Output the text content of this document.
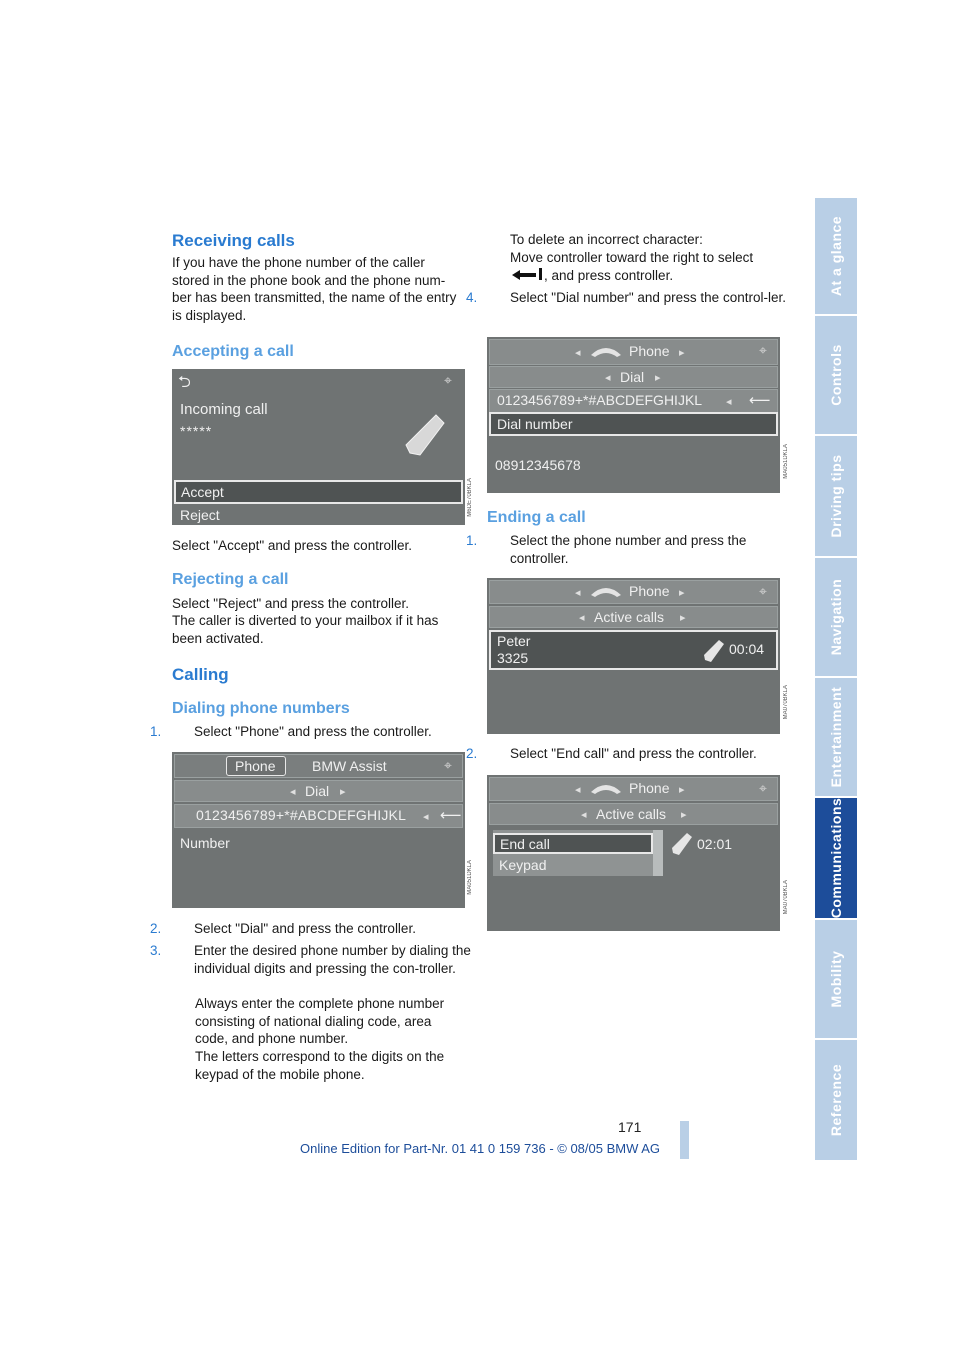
At a glance
Controls
Driving tips
Navigation
Entertainment
Communications
Mobility
Reference
Receiving calls
If you have the phone number of the caller stored in the phone book and the phone num-ber has been transmitted, the name of the entry is displayed.
Accepting a call
⮌	⌖
Incoming call
*****
Accept
Reject	M6DE70BKLA
Select "Accept" and press the controller.
Rejecting a call
Select "Reject" and press the controller.
The caller is diverted to your mailbox if it has been activated.
Calling
Dialing phone numbers
1. Select "Phone" and press the controller.
Phone	BMW Assist	⌖
◂ Dial ▸
0123456789+*#ABCDEFGHIJKL ◂ ⟵
Number
MA051DKLA
2. Select "Dial" and press the controller.
3. Enter the desired phone number by dialing the individual digits and pressing the con-troller.
Always enter the complete phone number consisting of national dialing code, area code, and phone number.
The letters correspond to the digits on the keypad of the mobile phone.
To delete an incorrect character:
Move controller toward the right to select
, and press controller.
4. Select "Dial number" and press the control-ler.
◂	Phone ▸	⌖
◂ Dial ▸
0123456789+*#ABCDEFGHIJKL ◂ ⟵
Dial number
08912345678	MA051DKLA
Ending a call
1. Select the phone number and press the controller.
◂	Phone ▸	⌖
◂ Active calls ▸
Peter
3325
00:04
MA070BKLA
2. Select "End call" and press the controller.
◂	Phone ▸	⌖
◂ Active calls ▸
End call
Keypad
02:01
MA070BKLA
171
Online Edition for Part-Nr. 01 41 0 159 736 - © 08/05 BMW AG
